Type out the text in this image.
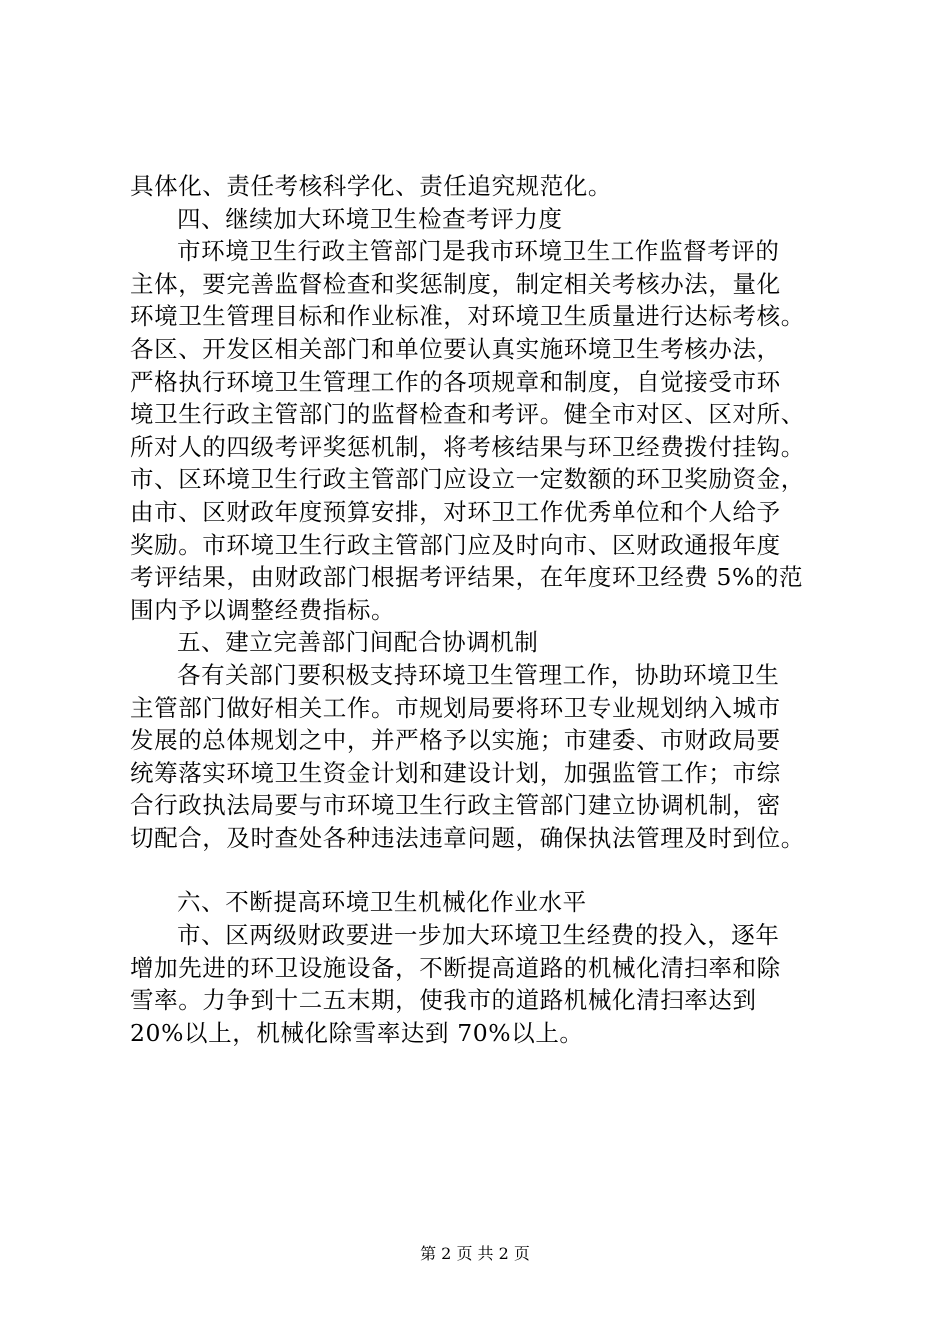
具体化、责任考核科学化、责任追究规范化。
四、继续加大环境卫生检查考评力度
市环境卫生行政主管部门是我市环境卫生工作监督考评的
主体，要完善监督检查和奖惩制度，制定相关考核办法，量化
环境卫生管理目标和作业标准，对环境卫生质量进行达标考核。
各区、开发区相关部门和单位要认真实施环境卫生考核办法，
严格执行环境卫生管理工作的各项规章和制度，自觉接受市环
境卫生行政主管部门的监督检查和考评。健全市对区、区对所、
所对人的四级考评奖惩机制，将考核结果与环卫经费拨付挂钩。
市、区环境卫生行政主管部门应设立一定数额的环卫奖励资金，
由市、区财政年度预算安排，对环卫工作优秀单位和个人给予
奖励。市环境卫生行政主管部门应及时向市、区财政通报年度
考评结果，由财政部门根据考评结果，在年度环卫经费 5%的范
围内予以调整经费指标。
五、建立完善部门间配合协调机制
各有关部门要积极支持环境卫生管理工作，协助环境卫生
主管部门做好相关工作。市规划局要将环卫专业规划纳入城市
发展的总体规划之中，并严格予以实施；市建委、市财政局要
统筹落实环境卫生资金计划和建设计划，加强监管工作；市综
合行政执法局要与市环境卫生行政主管部门建立协调机制，密
切配合，及时查处各种违法违章问题，确保执法管理及时到位。
六、不断提高环境卫生机械化作业水平
市、区两级财政要进一步加大环境卫生经费的投入，逐年
增加先进的环卫设施设备，不断提高道路的机械化清扫率和除
雪率。力争到十二五末期，使我市的道路机械化清扫率达到
20%以上，机械化除雪率达到 70%以上。
第 2 页 共 2 页
